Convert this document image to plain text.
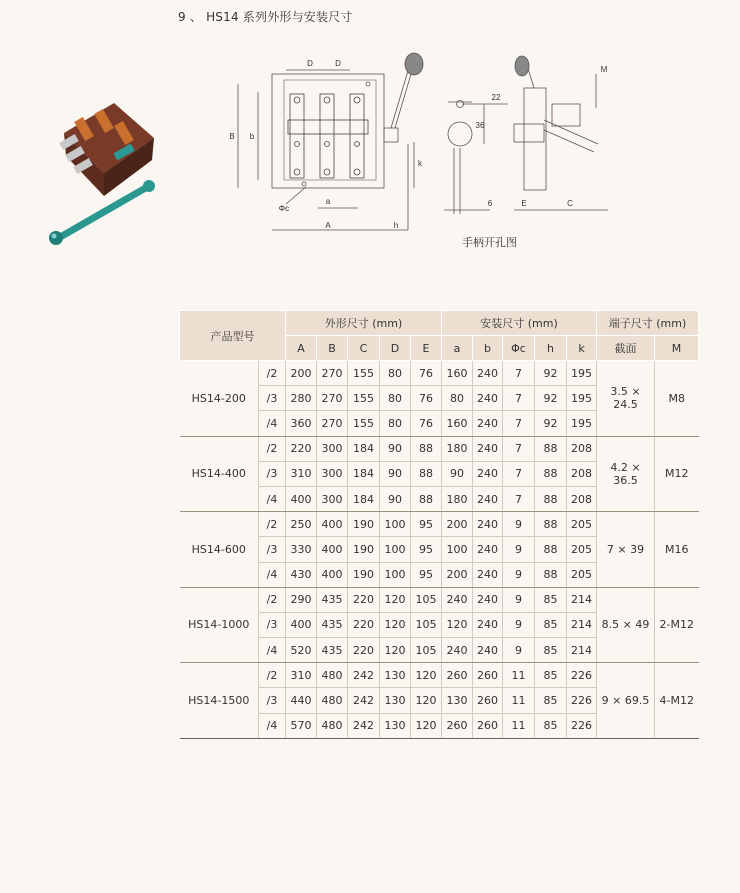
9 、 HS14 系列外形与安装尺寸
D	D
B b
Φc
a
A	h
k
22
36
6	E	C
M
手柄开孔图
产品型号		外形尺寸 (mm)					安装尺寸 (mm)					端子尺寸 (mm)	
		A	B	C	D	E	a	b	Φc	h	k	截面	M
HS14-200	/2	200	270	155	80	76	160	240	7	92	195	3.5 × 24.5	M8
	/3	280	270	155	80	76	80	240	7	92	195		
	/4	360	270	155	80	76	160	240	7	92	195		
HS14-400	/2	220	300	184	90	88	180	240	7	88	208	4.2 × 36.5	M12
	/3	310	300	184	90	88	90	240	7	88	208		
	/4	400	300	184	90	88	180	240	7	88	208		
HS14-600	/2	250	400	190	100	95	200	240	9	88	205	7 × 39	M16
	/3	330	400	190	100	95	100	240	9	88	205		
	/4	430	400	190	100	95	200	240	9	88	205		
HS14-1000	/2	290	435	220	120	105	240	240	9	85	214	8.5 × 49	2-M12
	/3	400	435	220	120	105	120	240	9	85	214		
	/4	520	435	220	120	105	240	240	9	85	214		
HS14-1500	/2	310	480	242	130	120	260	260	11	85	226	9 × 69.5	4-M12
	/3	440	480	242	130	120	130	260	11	85	226		
	/4	570	480	242	130	120	260	260	11	85	226		
